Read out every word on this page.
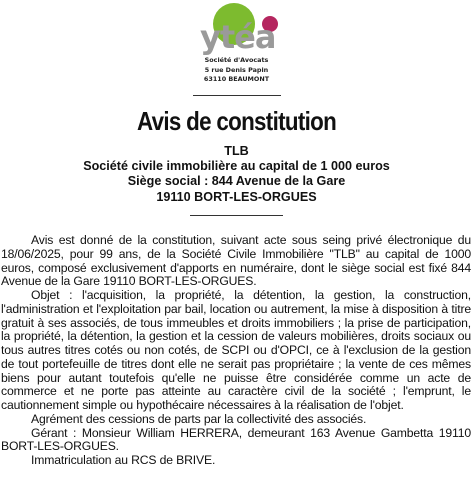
ytéa
Société d'Avocats
5 rue Denis Papin
63110 BEAUMONT
Avis de constitution
TLB
Société civile immobilière au capital de 1 000 euros
Siège social : 844 Avenue de la Gare
19110 BORT-LES-ORGUES

Avis est donné de la constitution, suivant acte sous seing privé électronique du 18/06/2025, pour 99 ans, de la Société Civile Immobilière "TLB" au capital de 1000 euros, composé exclusivement d'apports en numéraire, dont le siège social est fixé 844 Avenue de la Gare 19110 BORT-LES-ORGUES.

Objet : l'acquisition, la propriété, la détention, la gestion, la construction, l'administration et l'exploitation par bail, location ou autrement, la mise à disposition à titre gratuit à ses associés, de tous immeubles et droits immobiliers ; la prise de participation, la propriété, la détention, la gestion et la cession de valeurs mobilières, droits sociaux ou tous autres titres cotés ou non cotés, de SCPI ou d'OPCI, ce à l'exclusion de la gestion de tout portefeuille de titres dont elle ne serait pas propriétaire ; la vente de ces mêmes biens pour autant toutefois qu'elle ne puisse être considérée comme un acte de commerce et ne porte pas atteinte au caractère civil de la société ; l'emprunt, le cautionnement simple ou hypothécaire nécessaires à la réalisation de l'objet.

Agrément des cessions de parts par la collectivité des associés.

Gérant : Monsieur William HERRERA, demeurant 163 Avenue Gambetta 19110 BORT-LES-ORGUES.

Immatriculation au RCS de BRIVE.
